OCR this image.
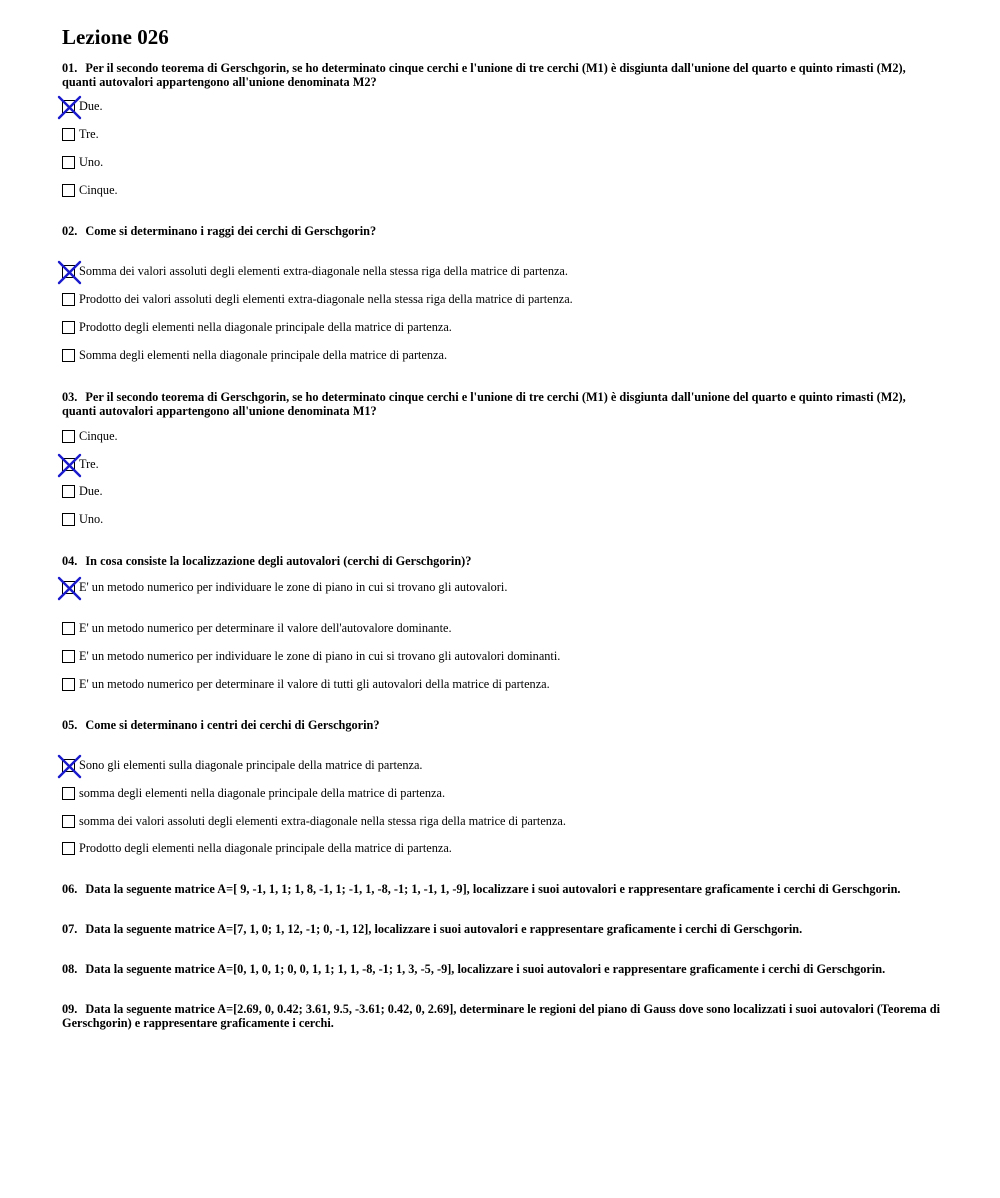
Lezione 026

01. Per il secondo teorema di Gerschgorin, se ho determinato cinque cerchi e l'unione di tre cerchi (M1) è disgiunta dall'unione del quarto e quinto rimasti (M2), quanti autovalori appartengono all'unione denominata M2?

Due.
Tre.
Uno.
Cinque.

02. Come si determinano i raggi dei cerchi di Gerschgorin?

Somma dei valori assoluti degli elementi extra-diagonale nella stessa riga della matrice di partenza.
Prodotto dei valori assoluti degli elementi extra-diagonale nella stessa riga della matrice di partenza.
Prodotto degli elementi nella diagonale principale della matrice di partenza.
Somma degli elementi nella diagonale principale della matrice di partenza.

03. Per il secondo teorema di Gerschgorin, se ho determinato cinque cerchi e l'unione di tre cerchi (M1) è disgiunta dall'unione del quarto e quinto rimasti (M2), quanti autovalori appartengono all'unione denominata M1?

Cinque.
Tre.
Due.
Uno.

04. In cosa consiste la localizzazione degli autovalori (cerchi di Gerschgorin)?

E' un metodo numerico per individuare le zone di piano in cui si trovano gli autovalori.
E' un metodo numerico per determinare il valore dell'autovalore dominante.
E' un metodo numerico per individuare le zone di piano in cui si trovano gli autovalori dominanti.
E' un metodo numerico per determinare il valore di tutti gli autovalori della matrice di partenza.

05. Come si determinano i centri dei cerchi di Gerschgorin?

Sono gli elementi sulla diagonale principale della matrice di partenza.
somma degli elementi nella diagonale principale della matrice di partenza.
somma dei valori assoluti degli elementi extra-diagonale nella stessa riga della matrice di partenza.
Prodotto degli elementi nella diagonale principale della matrice di partenza.

06. Data la seguente matrice A=[ 9, -1, 1, 1; 1, 8, -1, 1; -1, 1, -8, -1; 1, -1, 1, -9], localizzare i suoi autovalori e rappresentare graficamente i cerchi di Gerschgorin.

07. Data la seguente matrice A=[7, 1, 0; 1, 12, -1; 0, -1, 12], localizzare i suoi autovalori e rappresentare graficamente i cerchi di Gerschgorin.

08. Data la seguente matrice A=[0, 1, 0, 1; 0, 0, 1, 1; 1, 1, -8, -1; 1, 3, -5, -9], localizzare i suoi autovalori e rappresentare graficamente i cerchi di Gerschgorin.

09. Data la seguente matrice A=[2.69, 0, 0.42; 3.61, 9.5, -3.61; 0.42, 0, 2.69], determinare le regioni del piano di Gauss dove sono localizzati i suoi autovalori (Teorema di Gerschgorin) e rappresentare graficamente i cerchi.
